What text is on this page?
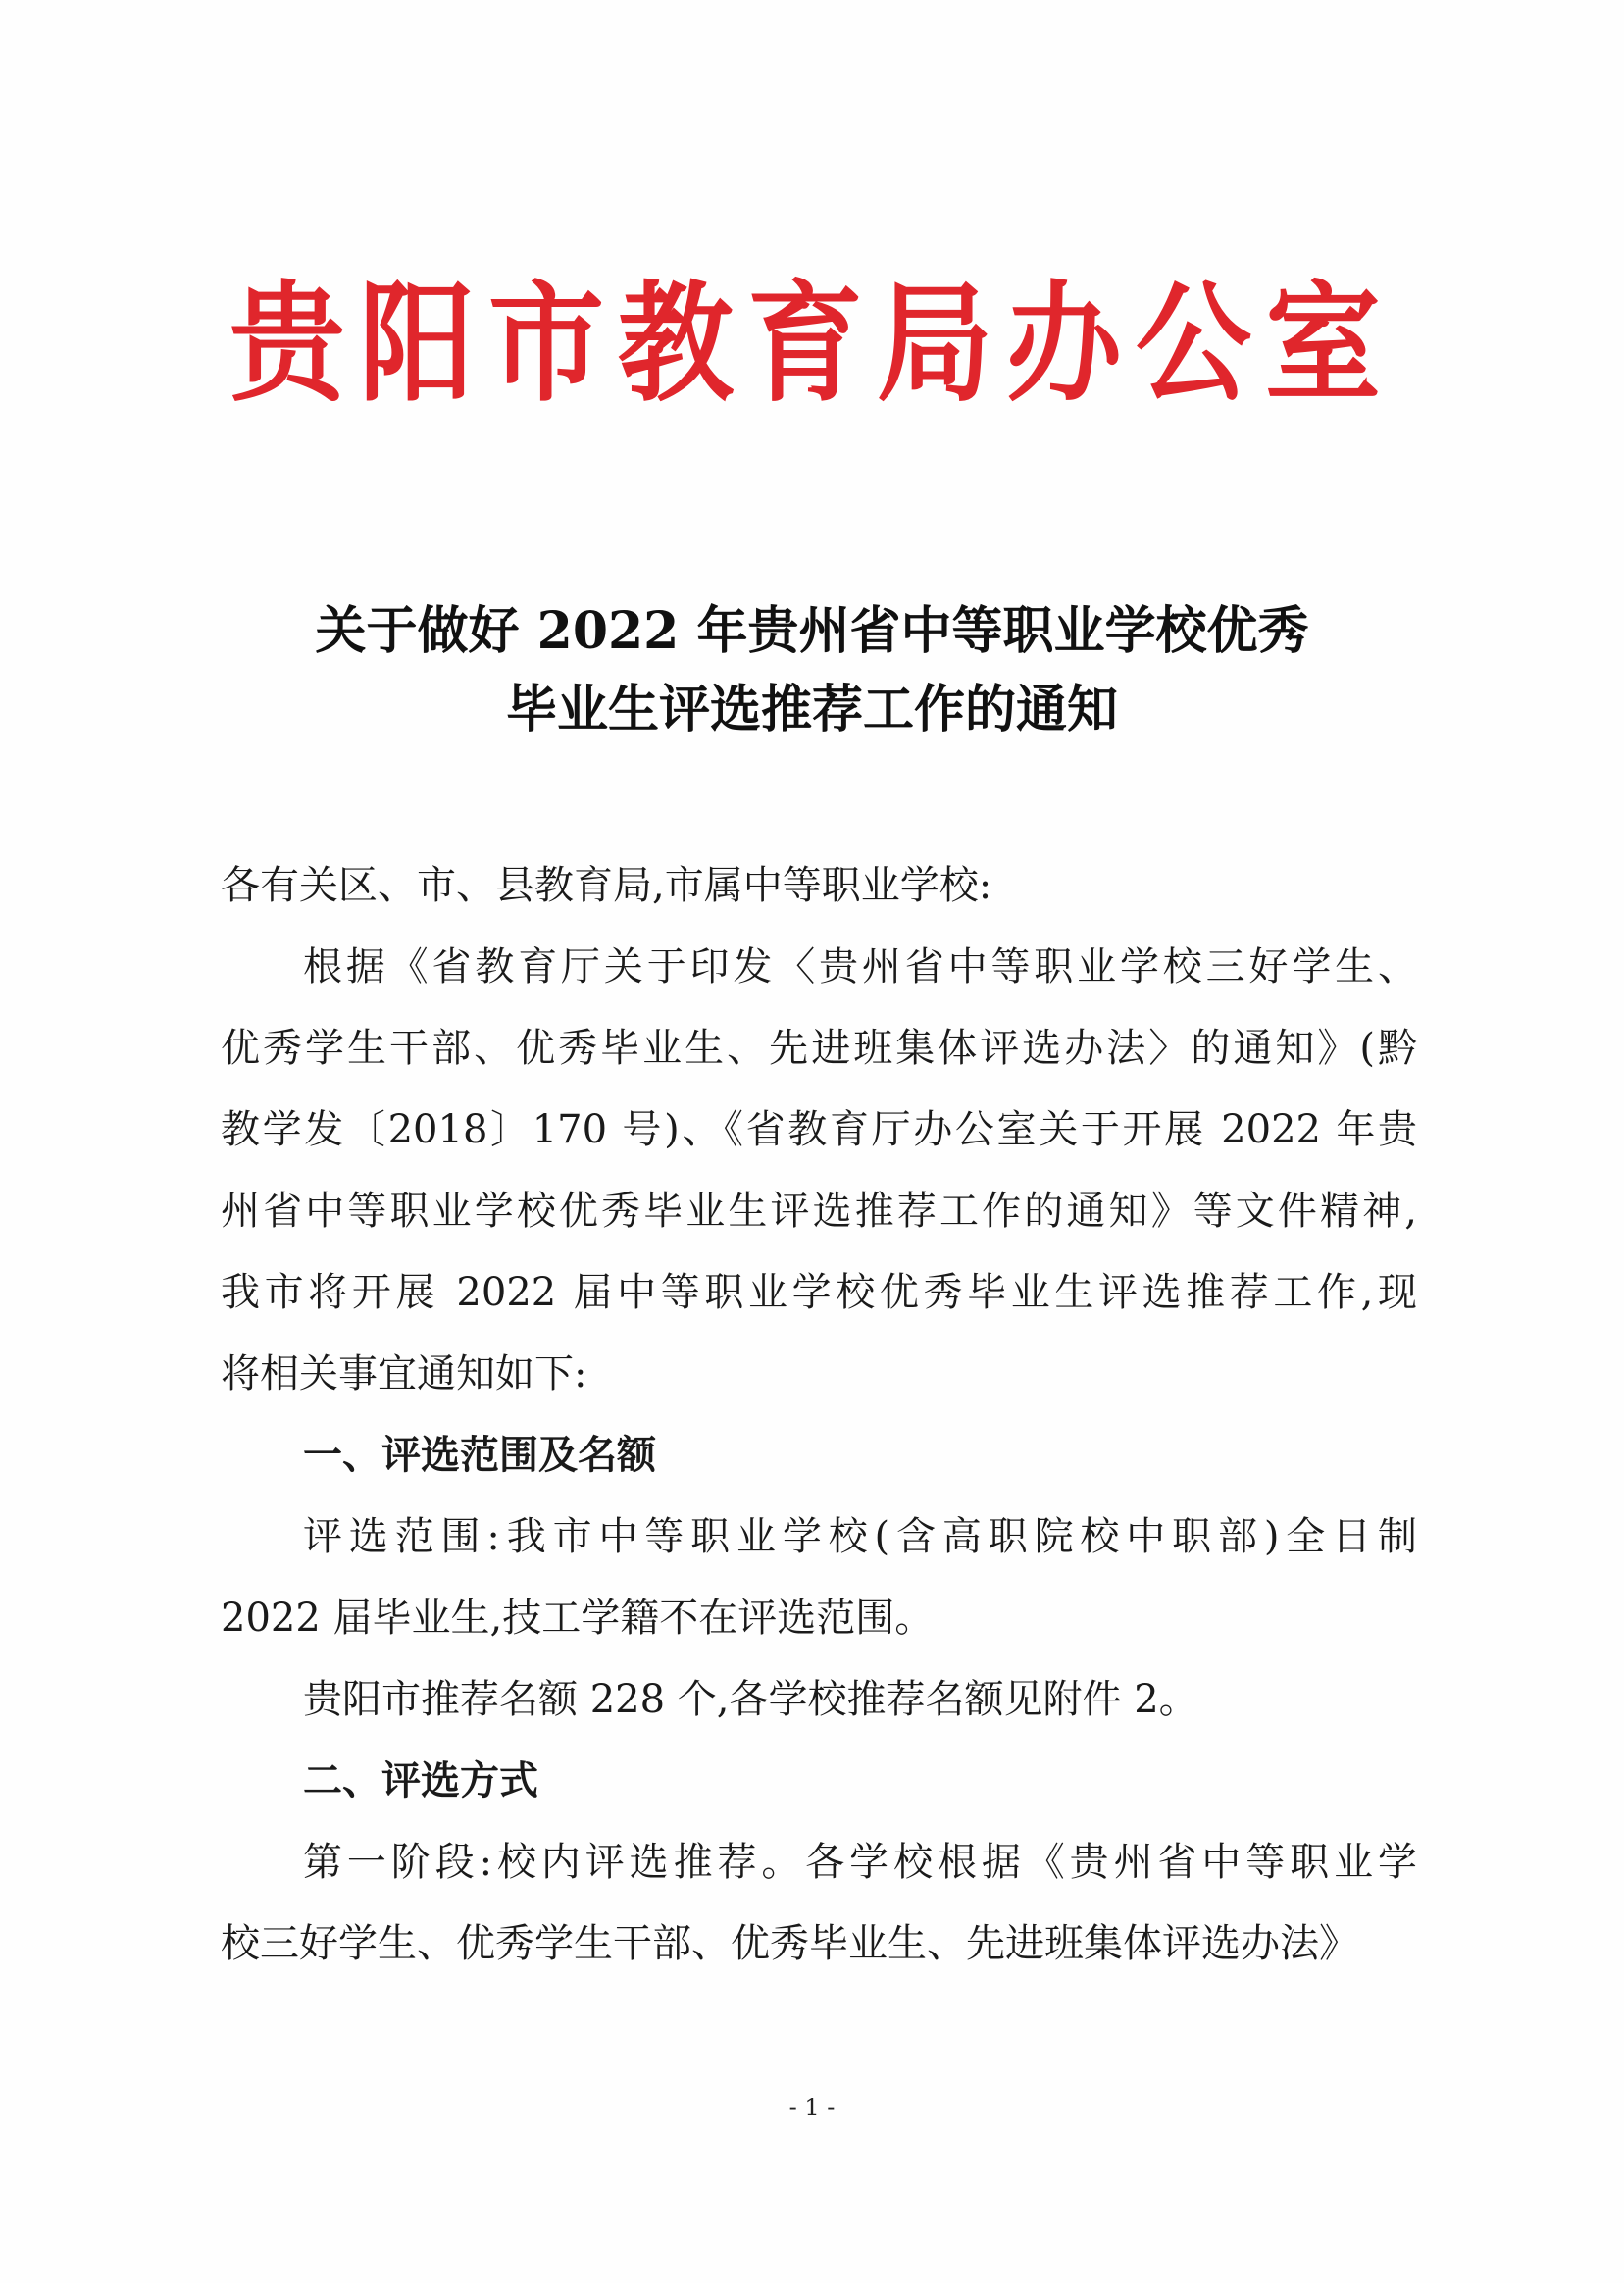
贵阳市教育局办公室
关于做好 2022 年贵州省中等职业学校优秀
毕业生评选推荐工作的通知
各有关区、市、县教育局,市属中等职业学校:
根据《省教育厅关于印发〈贵州省中等职业学校三好学生、
优秀学生干部、优秀毕业生、先进班集体评选办法〉的通知》(黔
教学发〔2018〕170 号)、《省教育厅办公室关于开展 2022 年贵
州省中等职业学校优秀毕业生评选推荐工作的通知》等文件精神,
我市将开展 2022 届中等职业学校优秀毕业生评选推荐工作,现
将相关事宜通知如下:
一、评选范围及名额
评选范围:我市中等职业学校(含高职院校中职部)全日制
2022 届毕业生,技工学籍不在评选范围。
贵阳市推荐名额 228 个,各学校推荐名额见附件 2。
二、评选方式
第一阶段:校内评选推荐。各学校根据《贵州省中等职业学
校三好学生、优秀学生干部、优秀毕业生、先进班集体评选办法》
- 1 -
